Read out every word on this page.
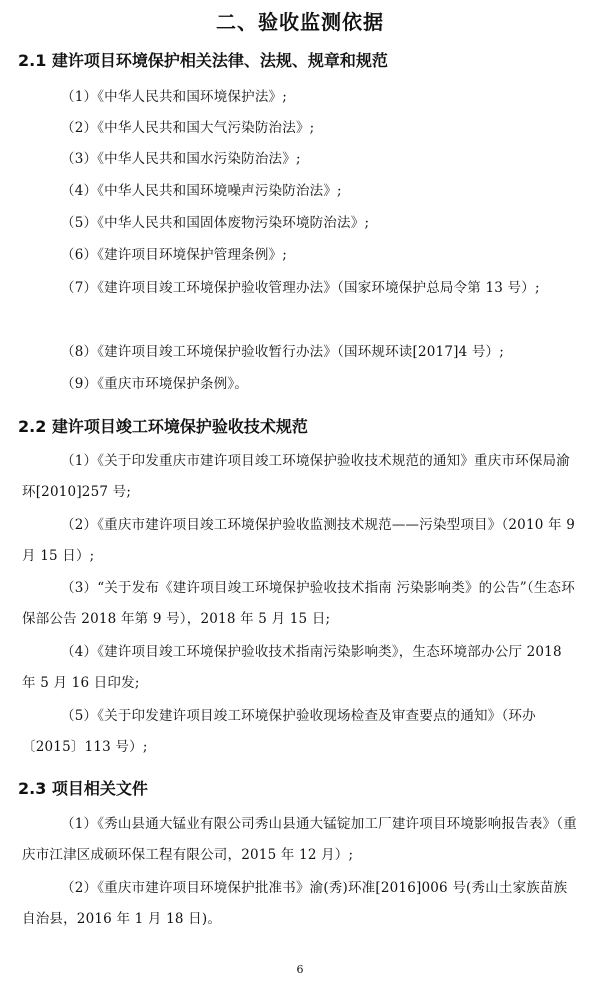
二、验收监测依据
2.1 建许项目环境保护相关法律、法规、规章和规范
（1）《中华人民共和国环境保护法》;
（2）《中华人民共和国大气污染防治法》;
（3）《中华人民共和国水污染防治法》;
（4）《中华人民共和国环境噪声污染防治法》;
（5）《中华人民共和国固体废物污染环境防治法》;
（6）《建许项目环境保护管理条例》;
（7）《建许项目竣工环境保护验收管理办法》（国家环境保护总局令第 13 号）;
（8）《建许项目竣工环境保护验收暂行办法》（国环规环读[2017]4 号）;
（9）《重庆市环境保护条例》。
2.2 建许项目竣工环境保护验收技术规范
（1）《关于印发重庆市建许项目竣工环境保护验收技术规范的通知》重庆市环保局渝环[2010]257 号;
（2）《重庆市建许项目竣工环境保护验收监测技术规范——污染型项目》（2010 年 9 月 15 日）;
（3）“关于发布《建许项目竣工环境保护验收技术指南 污染影响类》的公告”（生态环保部公告 2018 年第 9 号），2018 年 5 月 15 日;
（4）《建许项目竣工环境保护验收技术指南污染影响类》，生态环境部办公厅 2018 年 5 月 16 日印发;
（5）《关于印发建许项目竣工环境保护验收现场检查及审查要点的通知》（环办〔2015〕113 号）;
2.3 项目相关文件
（1）《秀山县通大锰业有限公司秀山县通大锰锭加工厂建许项目环境影响报告表》（重庆市江津区成硕环保工程有限公司，2015 年 12 月）;
（2）《重庆市建许项目环境保护批准书》渝(秀)环准[2016]006 号(秀山土家族苗族自治县，2016 年 1 月 18 日)。
6
